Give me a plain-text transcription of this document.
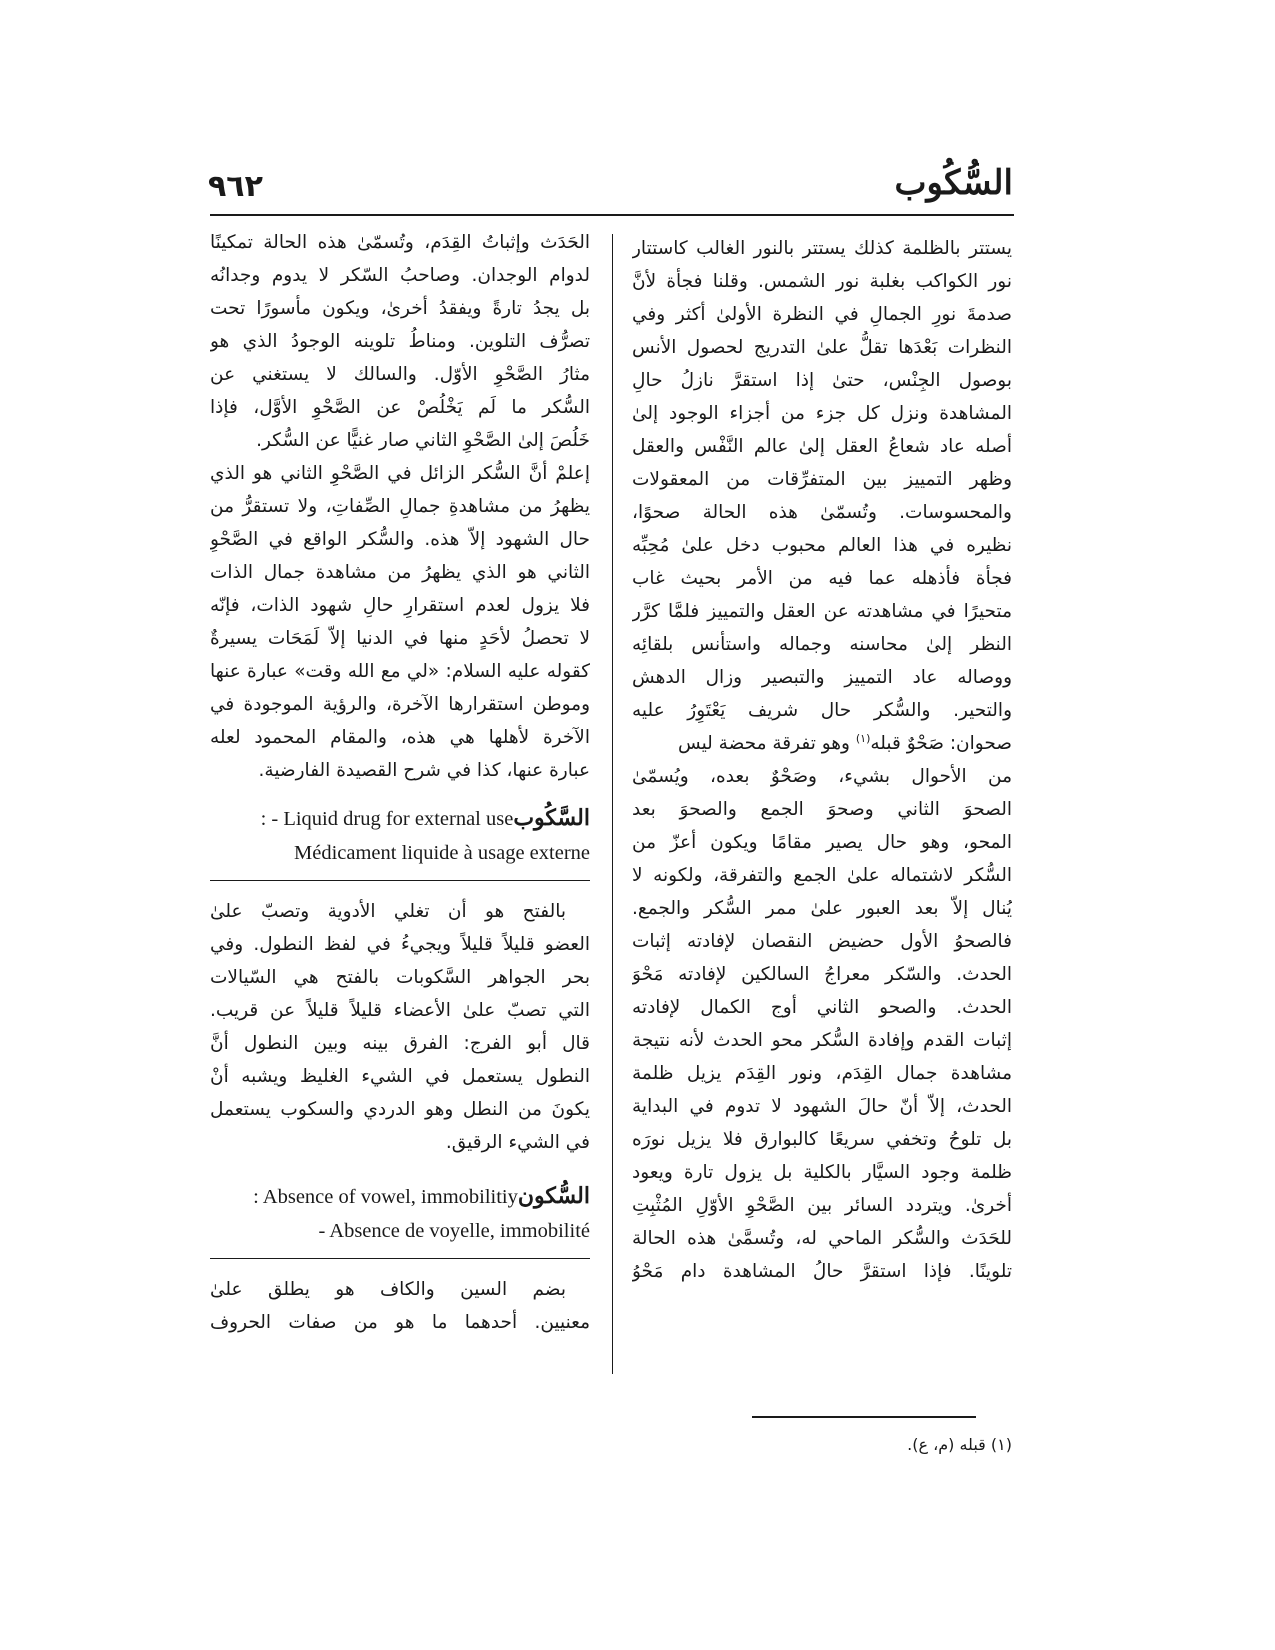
٩٦٢	السُّكُوب
يستتر بالظلمة كذلك يستتر بالنور الغالب كاستتار
نور الكواكب بغلبة نور الشمس. وقلنا فجأة لأنَّ
صدمةَ نورِ الجمالِ في النظرة الأولىٰ أكثر وفي
النظرات بَعْدَها تقلُّ علىٰ التدريج لحصول الأنس
بوصول الجِنْس، حتىٰ إذا استقرَّ نازلُ حالِ
المشاهدة ونزل كل جزء من أجزاء الوجود إلىٰ
أصله عاد شعاعُ العقل إلىٰ عالم النَّفْس والعقل
وظهر التمييز بين المتفرِّقات من المعقولات
والمحسوسات. وتُسمّىٰ هذه الحالة صحوًا،
نظيره في هذا العالم محبوب دخل علىٰ مُحِبِّه
فجأة فأذهله عما فيه من الأمر بحيث غاب
متحيرًا في مشاهدته عن العقل والتمييز فلمَّا كرَّر
النظر إلىٰ محاسنه وجماله واستأنس بلقائِه
ووصاله عاد التمييز والتبصير وزال الدهش
والتحير. والسُّكر حال شريف يَعْتَوِرُ عليه
صحوان: صَحْوٌ قبله$^{(١)}$ وهو تفرقة محضة ليس
من الأحوال بشيء، وصَحْوٌ بعده، ويُسمّىٰ
الصحوَ الثاني وصحوَ الجمع والصحوَ بعد
المحو، وهو حال يصير مقامًا ويكون أعزّ من
السُّكر لاشتماله علىٰ الجمع والتفرقة، ولكونه لا
يُنال إلاّ بعد العبور علىٰ ممر السُّكر والجمع.
فالصحوُ الأول حضيض النقصان لإفادته إثبات
الحدث. والسّكر معراجُ السالكين لإفادته مَحْوَ
الحدث. والصحو الثاني أوج الكمال لإفادته
إثبات القدم وإفادة السُّكر محو الحدث لأنه نتيجة
مشاهدة جمال القِدَم، ونور القِدَم يزيل ظلمة
الحدث، إلاّ أنّ حالَ الشهود لا تدوم في البداية
بل تلوحُ وتخفي سريعًا كالبوارق فلا يزيل نورَه
ظلمة وجود السيَّار بالكلية بل يزول تارة ويعود
أخرىٰ. ويتردد السائر بين الصَّحْوِ الأوّلِ المُثْبِتِ
للحَدَث والسُّكر الماحي له، وتُسمَّىٰ هذه الحالة
تلوينًا. فإذا استقرَّ حالُ المشاهدة دام مَحْوُ
الحَدَث وإثباتُ القِدَم، وتُسمّىٰ هذه الحالة تمكينًا
لدوام الوجدان. وصاحبُ السّكر لا يدوم وجدانُه
بل يجدُ تارةً ويفقدُ أخرىٰ، ويكون مأسورًا تحت
تصرُّف التلوين. ومناطُ تلوينه الوجودُ الذي هو
مثارُ الصَّحْوِ الأوّل. والسالك لا يستغني عن
السُّكر ما لَم يَخْلُصْ عن الصَّحْوِ الأوَّل، فإذا
خَلُصَ إلىٰ الصَّحْوِ الثاني صار غنيًّا عن السُّكر.
إعلمْ أنَّ السُّكر الزائل في الصَّحْوِ الثاني هو الذي
يظهرُ من مشاهدةِ جمالِ الصِّفاتِ، ولا تستقرُّ من
حال الشهود إلاّ هذه. والسُّكر الواقع في الصَّحْوِ
الثاني هو الذي يظهرُ من مشاهدة جمال الذات
فلا يزول لعدم استقرارِ حالِ شهود الذات، فإنّه
لا تحصلُ لأحَدٍ منها في الدنيا إلاّ لَمَحَات يسيرةٌ
كقوله عليه السلام: «لي مع الله وقت» عبارة عنها
وموطن استقرارها الآخرة، والرؤية الموجودة في
الآخرة لأهلها هي هذه، والمقام المحمود لعله
عبارة عنها، كذا في شرح القصيدة الفارضية.
: - Liquid drug for external useالسَّكُوب
Médicament liquide à usage externe
بالفتح هو أن تغلي الأدوية وتصبّ علىٰ
العضو قليلاً قليلاً ويجيءُ في لفظ النطول. وفي
بحر الجواهر السَّكوبات بالفتح هي السّيالات
التي تصبّ علىٰ الأعضاء قليلاً قليلاً عن قريب.
قال أبو الفرج: الفرق بينه وبين النطول أنَّ
النطول يستعمل في الشيء الغليظ ويشبه أنْ
يكونَ من النطل وهو الدردي والسكوب يستعمل
في الشيء الرقيق.
: Absence of vowel, immobilitiyالسُّكون
- Absence de voyelle, immobilité
بضم السين والكاف هو يطلق علىٰ
معنيين. أحدهما ما هو من صفات الحروف
(١) قبله (م، ع).
